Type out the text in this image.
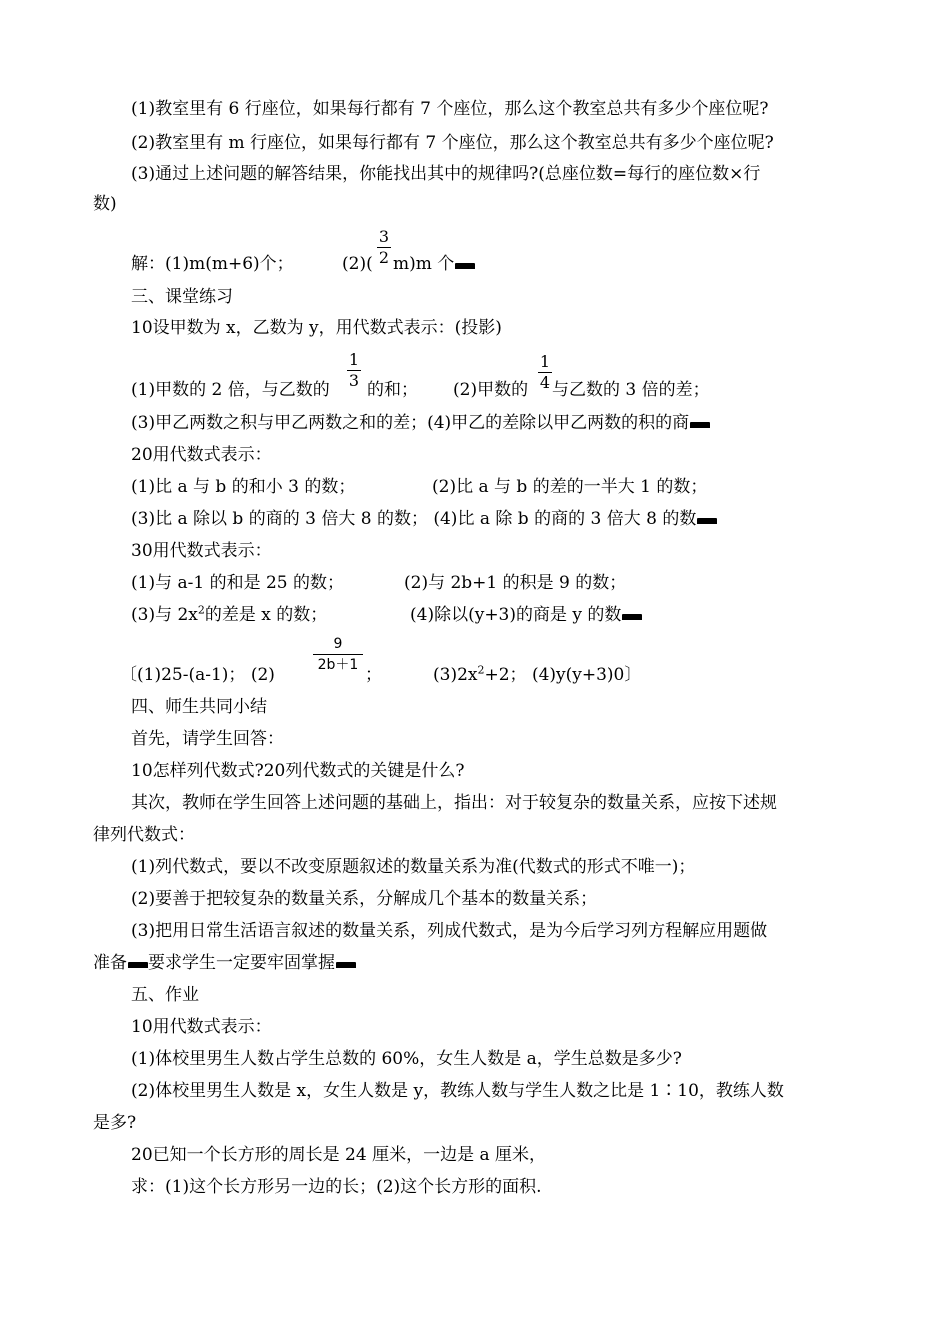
(1)教室里有 6 行座位，如果每行都有 7 个座位，那么这个教室总共有多少个座位呢?
(2)教室里有 m 行座位，如果每行都有 7 个座位，那么这个教室总共有多少个座位呢?
(3)通过上述问题的解答结果，你能找出其中的规律吗?(总座位数=每行的座位数×行
数)
解：(1)m(m+6)个；	(2)( m)m 个
3
2
三、课堂练习
10设甲数为 x，乙数为 y，用代数式表示：(投影)
(1)甲数的 2 倍，与乙数的 的和； (2)甲数的 与乙数的 3 倍的差；
1
3
1
4
(3)甲乙两数之积与甲乙两数之和的差；(4)甲乙的差除以甲乙两数的积的商
20用代数式表示：
(1)比 a 与 b 的和小 3 的数；	(2)比 a 与 b 的差的一半大 1 的数；
(3)比 a 除以 b 的商的 3 倍大 8 的数； (4)比 a 除 b 的商的 3 倍大 8 的数
30用代数式表示：
(1)与 a-1 的和是 25 的数；	(2)与 2b+1 的积是 9 的数；
(3)与 $2x^2$的差是 x 的数；	(4)除以(y+3)的商是 y 的数
〔(1)25-(a-1)； (2)	；	$(3)2x^2+2$； (4)y(y+3)0〕
9
2b＋1
四、师生共同小结
首先，请学生回答：
10怎样列代数式?20列代数式的关键是什么?
其次，教师在学生回答上述问题的基础上，指出：对于较复杂的数量关系，应按下述规
律列代数式：
(1)列代数式，要以不改变原题叙述的数量关系为准(代数式的形式不唯一)；
(2)要善于把较复杂的数量关系，分解成几个基本的数量关系；
(3)把用日常生活语言叙述的数量关系，列成代数式，是为今后学习列方程解应用题做
准备 要求学生一定要牢固掌握
五、作业
10用代数式表示：
(1)体校里男生人数占学生总数的 60%，女生人数是 a，学生总数是多少?
(2)体校里男生人数是 x，女生人数是 y，教练人数与学生人数之比是 1∶10，教练人数
是多?
20已知一个长方形的周长是 24 厘米，一边是 a 厘米，
求：(1)这个长方形另一边的长；(2)这个长方形的面积.
